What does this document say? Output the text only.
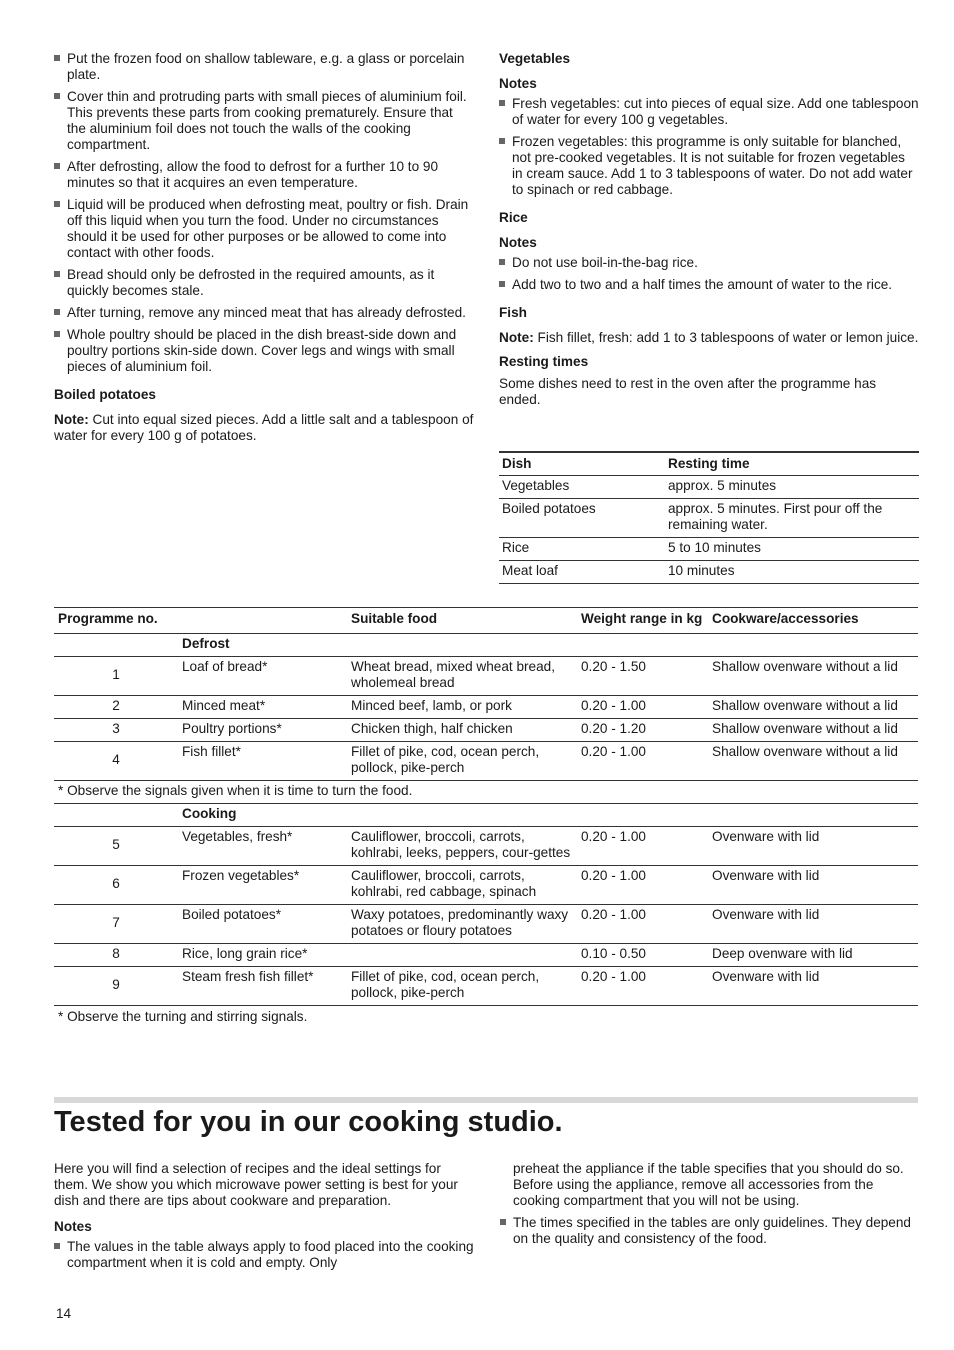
Put the frozen food on shallow tableware, e.g. a glass or porcelain plate.
Cover thin and protruding parts with small pieces of aluminium foil. This prevents these parts from cooking prematurely. Ensure that the aluminium foil does not touch the walls of the cooking compartment.
After defrosting, allow the food to defrost for a further 10 to 90 minutes so that it acquires an even temperature.
Liquid will be produced when defrosting meat, poultry or fish. Drain off this liquid when you turn the food. Under no circumstances should it be used for other purposes or be allowed to come into contact with other foods.
Bread should only be defrosted in the required amounts, as it quickly becomes stale.
After turning, remove any minced meat that has already defrosted.
Whole poultry should be placed in the dish breast-side down and poultry portions skin-side down. Cover legs and wings with small pieces of aluminium foil.
Boiled potatoes

Note: Cut into equal sized pieces. Add a little salt and a tablespoon of water for every 100 g of potatoes.

Vegetables
Notes
Fresh vegetables: cut into pieces of equal size. Add one tablespoon of water for every 100 g vegetables.
Frozen vegetables: this programme is only suitable for blanched, not pre-cooked vegetables. It is not suitable for frozen vegetables in cream sauce. Add 1 to 3 tablespoons of water. Do not add water to spinach or red cabbage.
Rice
Notes
Do not use boil-in-the-bag rice.
Add two to two and a half times the amount of water to the rice.
Fish

Note: Fish fillet, fresh: add 1 to 3 tablespoons of water or lemon juice.

Resting times

Some dishes need to rest in the oven after the programme has ended.

Dish	Resting time
Vegetables	approx. 5 minutes
Boiled potatoes	approx. 5 minutes. First pour off the remaining water.
Rice	5 to 10 minutes
Meat loaf	10 minutes
Programme no.		Suitable food	Weight range in kg	Cookware/accessories
	Defrost			
1	Loaf of bread*	Wheat bread, mixed wheat bread, wholemeal bread	0.20 - 1.50	Shallow ovenware without a lid
2	Minced meat*	Minced beef, lamb, or pork	0.20 - 1.00	Shallow ovenware without a lid
3	Poultry portions*	Chicken thigh, half chicken	0.20 - 1.20	Shallow ovenware without a lid
4	Fish fillet*	Fillet of pike, cod, ocean perch, pollock, pike-perch	0.20 - 1.00	Shallow ovenware without a lid
* Observe the signals given when it is time to turn the food.				
	Cooking			
5	Vegetables, fresh*	Cauliflower, broccoli, carrots, kohlrabi, leeks, peppers, cour-gettes	0.20 - 1.00	Ovenware with lid
6	Frozen vegetables*	Cauliflower, broccoli, carrots, kohlrabi, red cabbage, spinach	0.20 - 1.00	Ovenware with lid
7	Boiled potatoes*	Waxy potatoes, predominantly waxy potatoes or floury potatoes	0.20 - 1.00	Ovenware with lid
8	Rice, long grain rice*		0.10 - 0.50	Deep ovenware with lid
9	Steam fresh fish fillet*	Fillet of pike, cod, ocean perch, pollock, pike-perch	0.20 - 1.00	Ovenware with lid
* Observe the turning and stirring signals.				
Tested for you in our cooking studio.

Here you will find a selection of recipes and the ideal settings for them. We show you which microwave power setting is best for your dish and there are tips about cookware and preparation.

Notes
The values in the table always apply to food placed into the cooking compartment when it is cold and empty. Only

preheat the appliance if the table specifies that you should do so. Before using the appliance, remove all accessories from the cooking compartment that you will not be using.

The times specified in the tables are only guidelines. They depend on the quality and consistency of the food.
14
